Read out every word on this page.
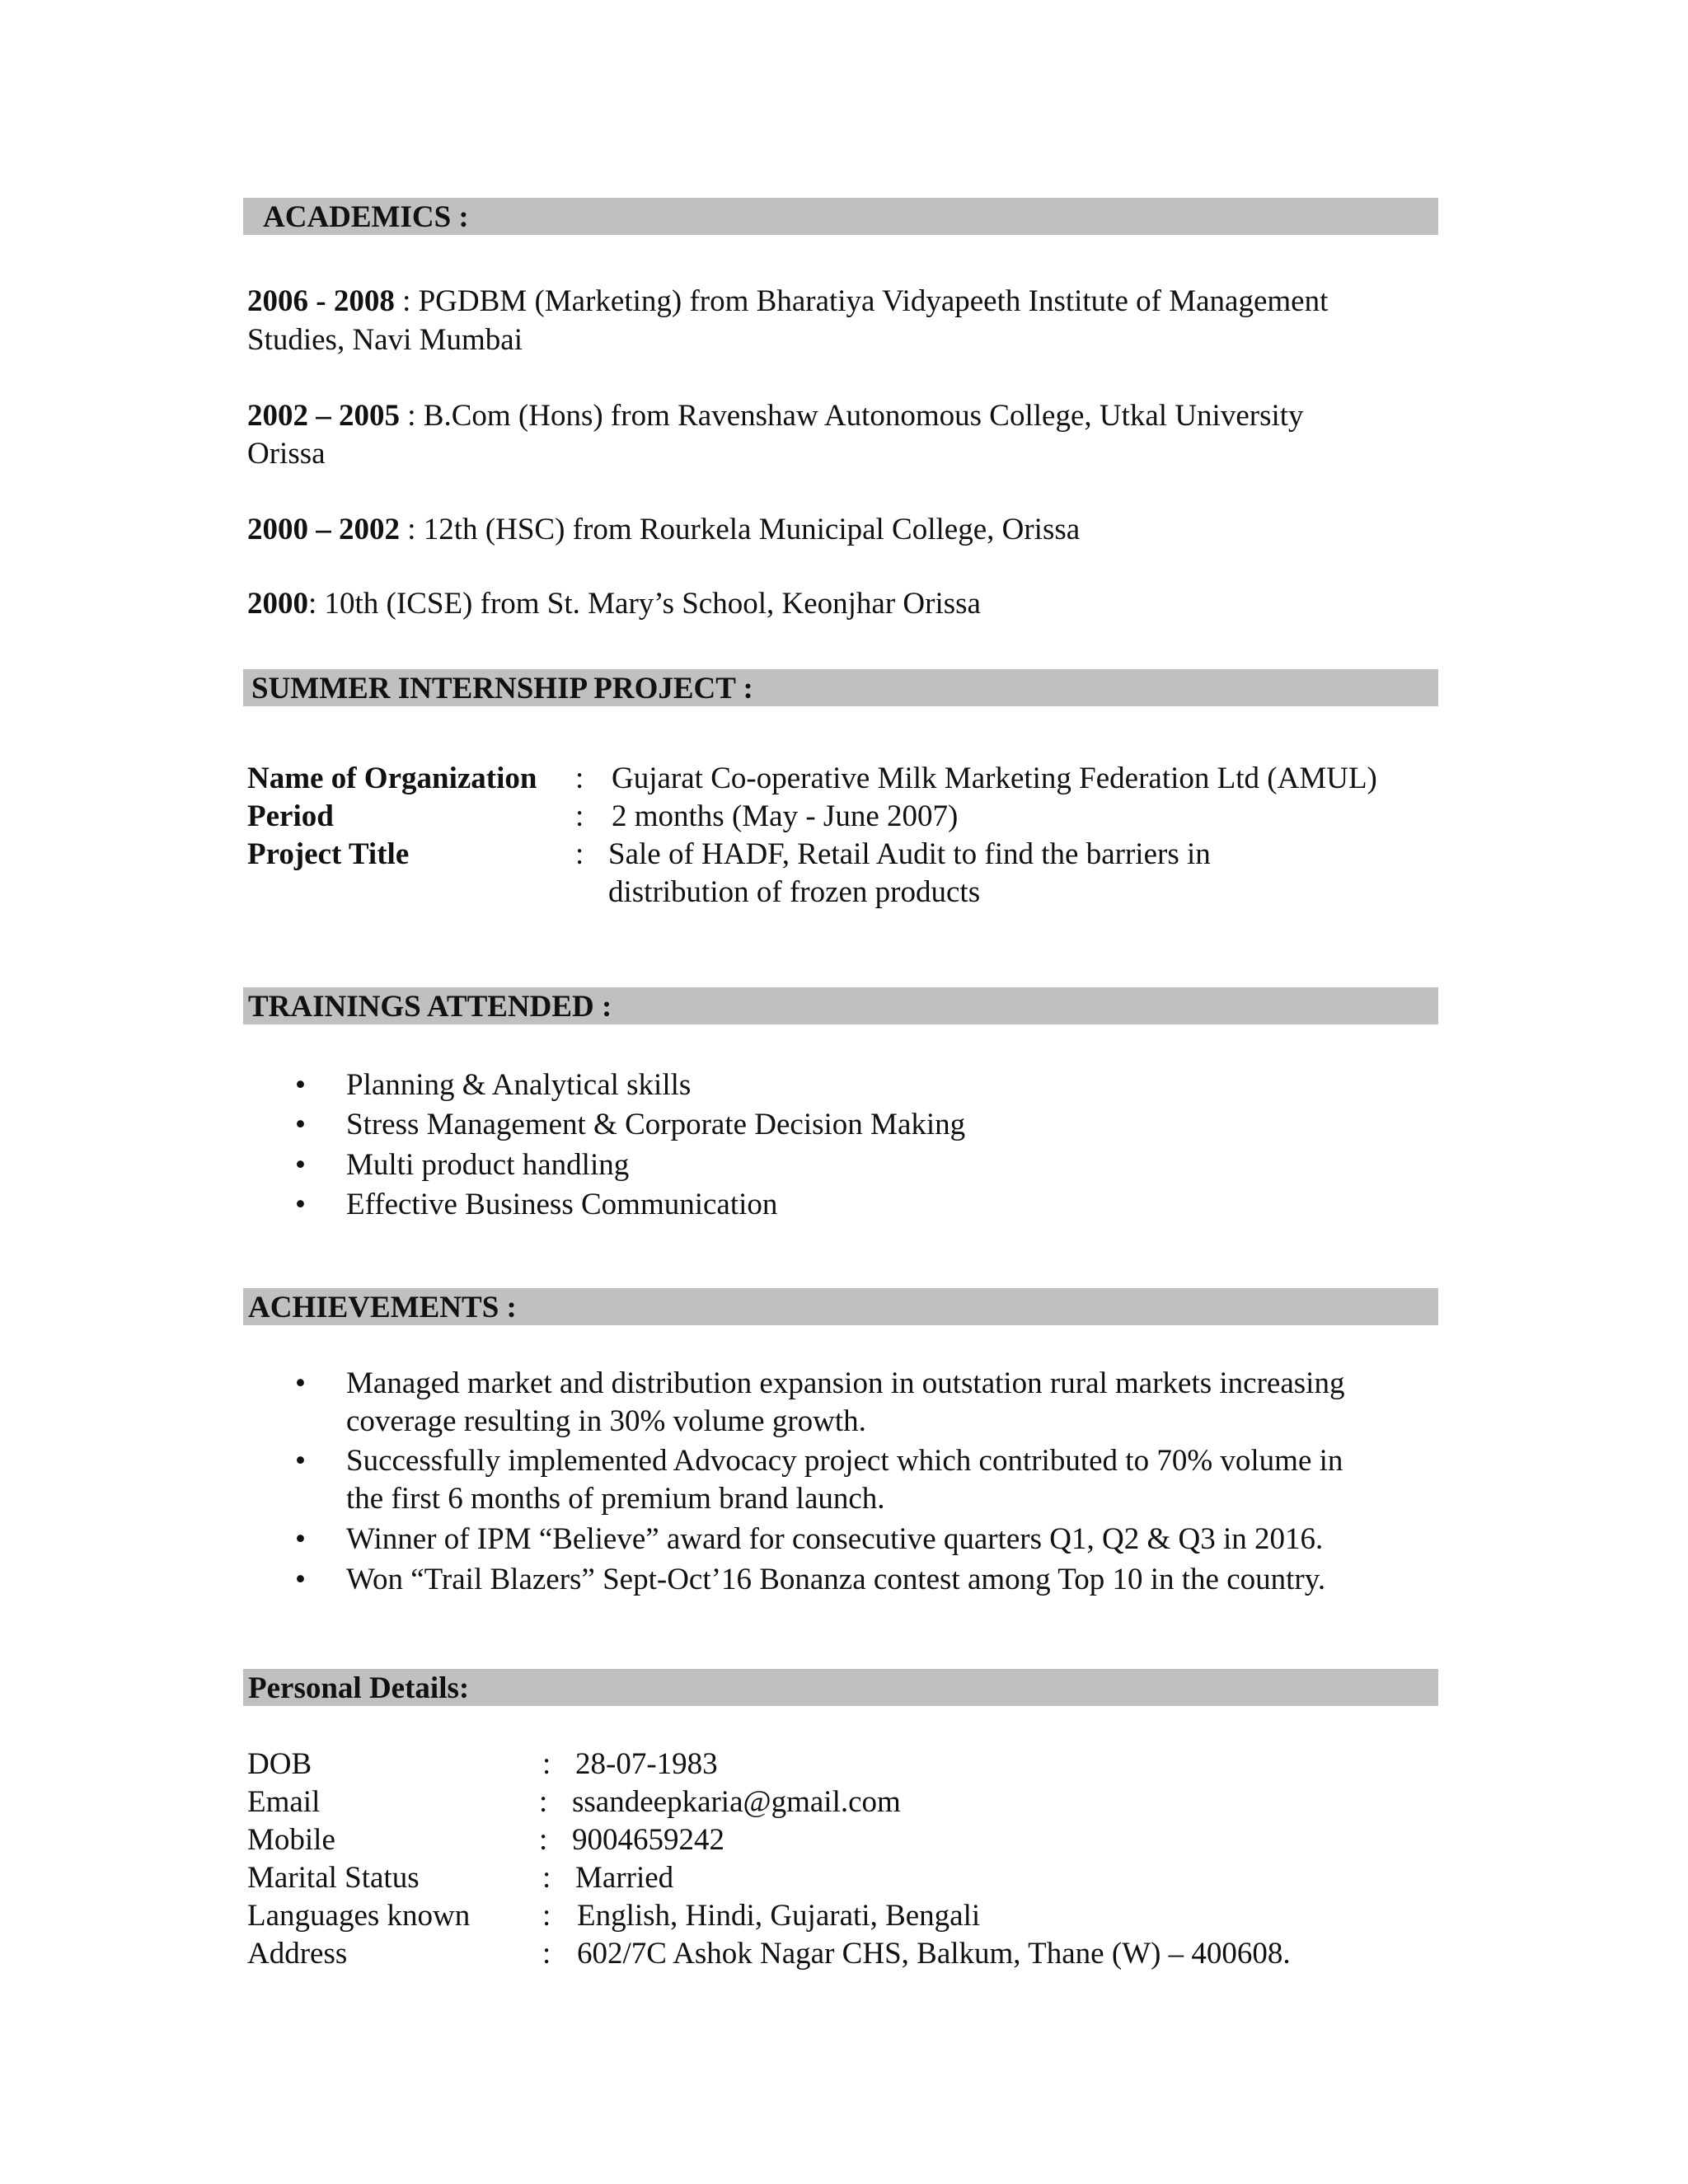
ACADEMICS :
2006 - 2008 : PGDBM (Marketing) from Bharatiya Vidyapeeth Institute of Management
Studies, Navi Mumbai
2002 – 2005 : B.Com (Hons) from Ravenshaw Autonomous College, Utkal University
Orissa
2000 – 2002 : 12th (HSC) from Rourkela Municipal College, Orissa
2000: 10th (ICSE) from St. Mary’s School, Keonjhar Orissa
SUMMER INTERNSHIP PROJECT :
Name of Organization : Gujarat Co-operative Milk Marketing Federation Ltd (AMUL)
Period	: 2 months (May - June 2007)
Project Title	: Sale of HADF, Retail Audit to find the barriers in
distribution of frozen products
TRAININGS ATTENDED :
• Planning & Analytical skills
• Stress Management & Corporate Decision Making
• Multi product handling
• Effective Business Communication
ACHIEVEMENTS :
• Managed market and distribution expansion in outstation rural markets increasing
coverage resulting in 30% volume growth.
• Successfully implemented Advocacy project which contributed to 70% volume in
the first 6 months of premium brand launch.
• Winner of IPM “Believe” award for consecutive quarters Q1, Q2 & Q3 in 2016.
• Won “Trail Blazers” Sept-Oct’16 Bonanza contest among Top 10 in the country.
Personal Details:
DOB	: 28-07-1983
Email	: ssandeepkaria@gmail.com
Mobile	: 9004659242
Marital Status	: Married
Languages known : English, Hindi, Gujarati, Bengali
Address	: 602/7C Ashok Nagar CHS, Balkum, Thane (W) – 400608.
